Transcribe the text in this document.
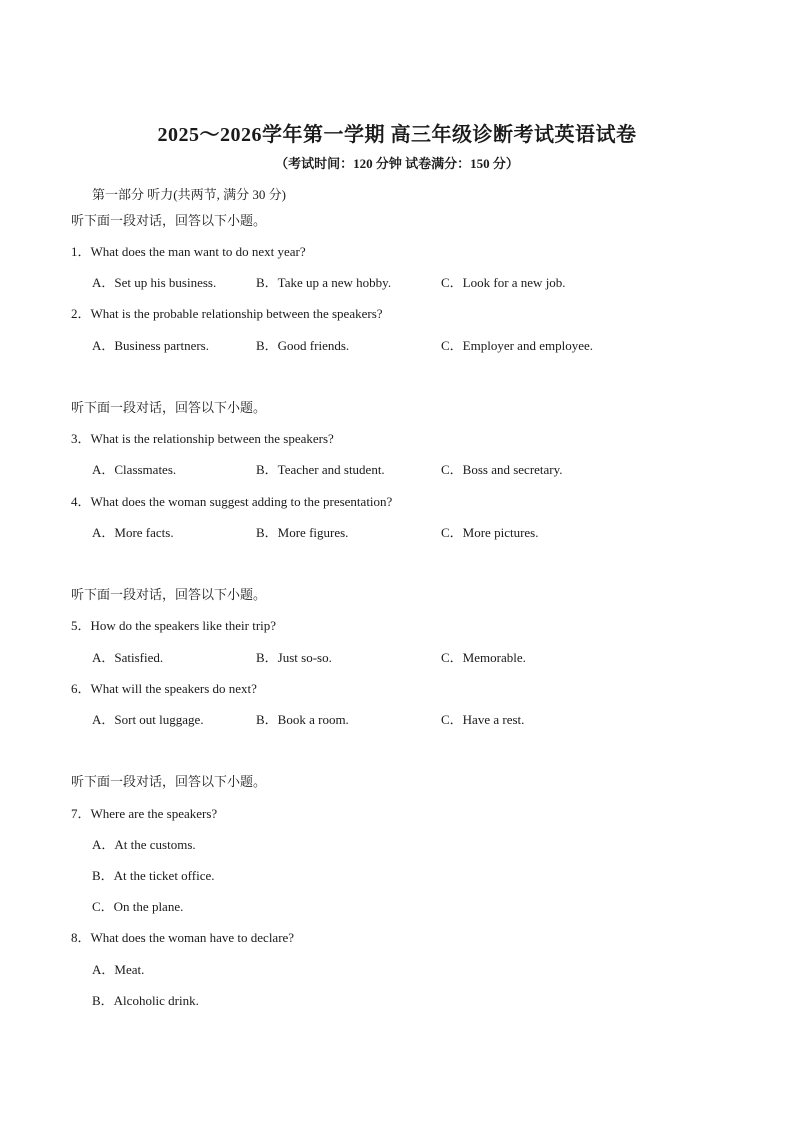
2025～2026学年第一学期 高三年级诊断考试英语试卷
（考试时间：120 分钟 试卷满分：150 分）
第一部分 听力(共两节, 满分 30 分)
听下面一段对话，回答以下小题。
1．What does the man want to do next year?
A．Set up his business.	B．Take up a new hobby.	C．Look for a new job.
2．What is the probable relationship between the speakers?
A．Business partners.	B．Good friends.	C．Employer and employee.
听下面一段对话，回答以下小题。
3．What is the relationship between the speakers?
A．Classmates.	B．Teacher and student.	C．Boss and secretary.
4．What does the woman suggest adding to the presentation?
A．More facts.	B．More figures.	C．More pictures.
听下面一段对话，回答以下小题。
5．How do the speakers like their trip?
A．Satisfied.	B．Just so-so.	C．Memorable.
6．What will the speakers do next?
A．Sort out luggage.	B．Book a room.	C．Have a rest.
听下面一段对话，回答以下小题。
7．Where are the speakers?
A．At the customs.
B．At the ticket office.
C．On the plane.
8．What does the woman have to declare?
A．Meat.
B．Alcoholic drink.
